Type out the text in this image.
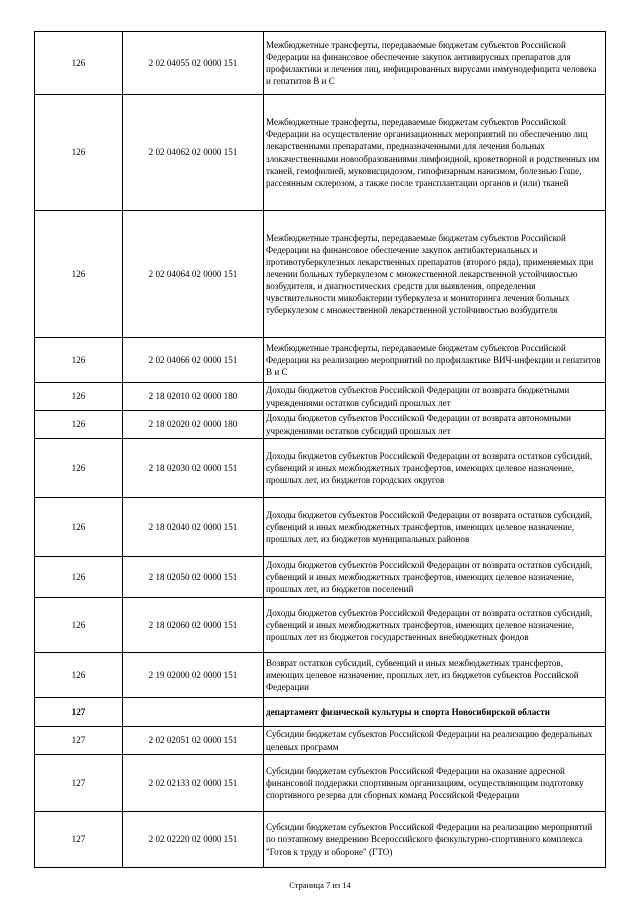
126	2 02 04055 02 0000 151	Межбюджетные трансферты, передаваемые бюджетам субъектов Российской Федерации на финансовое обеспечение закупок антивирусных препаратов для профилактики и лечения лиц, инфицированных вирусами иммунодефицита человека и гепатитов В и С
126	2 02 04062 02 0000 151	Межбюджетные трансферты, передаваемые бюджетам субъектов Российской Федерации на осуществление организационных мероприятий по обеспечению лиц лекарственными препаратами, предназначенными для лечения больных злокачественными новообразованиями лимфоидной, кроветворной и родственных им тканей, гемофилией, муковисцидозом, гипофизарным нанизмом, болезнью Гоше, рассеянным склерозом, а также после трансплантации органов и (или) тканей
126	2 02 04064 02 0000 151	Межбюджетные трансферты, передаваемые бюджетам субъектов Российской Федерации на финансовое обеспечение закупок антибактериальных и противотуберкулезных лекарственных препаратов (второго ряда), применяемых при лечении больных туберкулезом с множественной лекарственной устойчивостью возбудителя, и диагностических средств для выявления, определения чувствительности микобактерии туберкулеза и мониторинга лечения больных туберкулезом с множественной лекарственной устойчивостью возбудителя
126	2 02 04066 02 0000 151	Межбюджетные трансферты, передаваемые бюджетам субъектов Российской Федерации на реализацию мероприятий по профилактике ВИЧ-инфекции и гепатитов В и С
126	2 18 02010 02 0000 180	Доходы бюджетов субъектов Российской Федерации от возврата бюджетными учреждениями остатков субсидий прошлых лет
126	2 18 02020 02 0000 180	Доходы бюджетов субъектов Российской Федерации от возврата автономными учреждениями остатков субсидий прошлых лет
126	2 18 02030 02 0000 151	Доходы бюджетов субъектов Российской Федерации от возврата остатков субсидий, субвенций и иных межбюджетных трансфертов, имеющих целевое назначение, прошлых лет, из бюджетов городских округов
126	2 18 02040 02 0000 151	Доходы бюджетов субъектов Российской Федерации от возврата остатков субсидий, субвенций и иных межбюджетных трансфертов, имеющих целевое назначение, прошлых лет, из бюджетов муниципальных районов
126	2 18 02050 02 0000 151	Доходы бюджетов субъектов Российской Федерации от возврата остатков субсидий, субвенций и иных межбюджетных трансфертов, имеющих целевое назначение, прошлых лет, из бюджетов поселений
126	2 18 02060 02 0000 151	Доходы бюджетов субъектов Российской Федерации от возврата остатков субсидий, субвенций и иных межбюджетных трансфертов, имеющих целевое назначение, прошлых лет из бюджетов государственных внебюджетных фондов
126	2 19 02000 02 0000 151	Возврат остатков субсидий, субвенций и иных межбюджетных трансфертов, имеющих целевое назначение, прошлых лет, из бюджетов субъектов Российской Федерации
127		департамент физической культуры и спорта Новосибирской области
127	2 02 02051 02 0000 151	Субсидии бюджетам субъектов Российской Федерации на реализацию федеральных целевых программ
127	2 02 02133 02 0000 151	Субсидии бюджетам субъектов Российской Федерации на оказание адресной финансовой поддержки спортивным организациям, осуществляющим подготовку спортивного резерва для сборных команд Российской Федерации
127	2 02 02220 02 0000 151	Субсидии бюджетам субъектов Российской Федерации на реализацию мероприятий по поэтапному внедрению Всероссийского физкультурно-спортивного комплекса "Готов к труду и обороне" (ГТО)
Страница 7 из 14
